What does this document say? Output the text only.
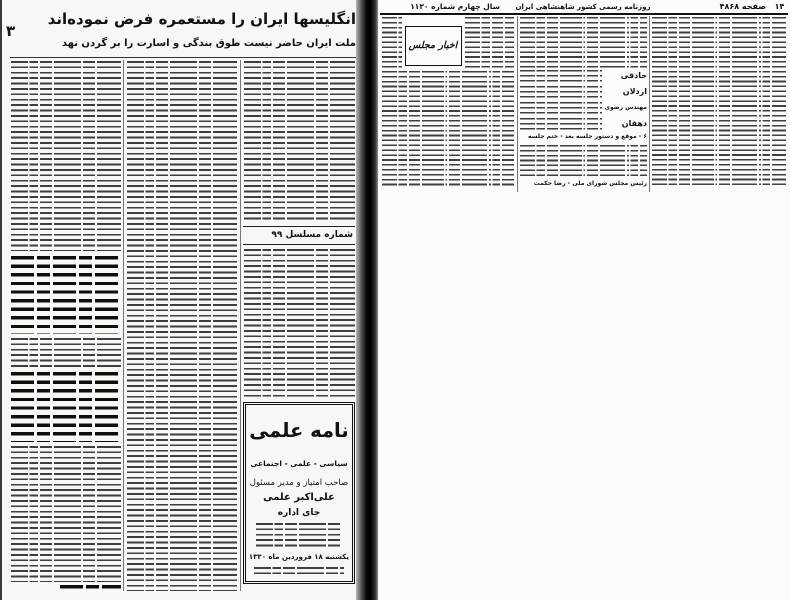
۳
انگلیسها ایران را مستعمره فرض نموده‌اند
ملت ایران حاضر نیست طوق بندگی و اسارت را بر گردن نهد
شماره مسلسل ۹۹
نامه علمی
سیاسی - علمی - اجتماعی
صاحب امتیاز و مدیر مسئول
علی‌اکبر علمی
جای اداره
یکشنبه ۱۸ فروردین ماه ۱۳۳۰
۱۴
صفحه ۴۸۶۸
روزنامه رسمی کشور شاهنشاهی ایران
سال چهارم شماره ۱۱۳۰
حاذقی
اردلان
مهندس رضوی
دهقان
۶ - موقع و دستور جلسه بعد - ختم جلسه
رئیس مجلس شورای ملی - رضا حکمت
اخبار مجلس
